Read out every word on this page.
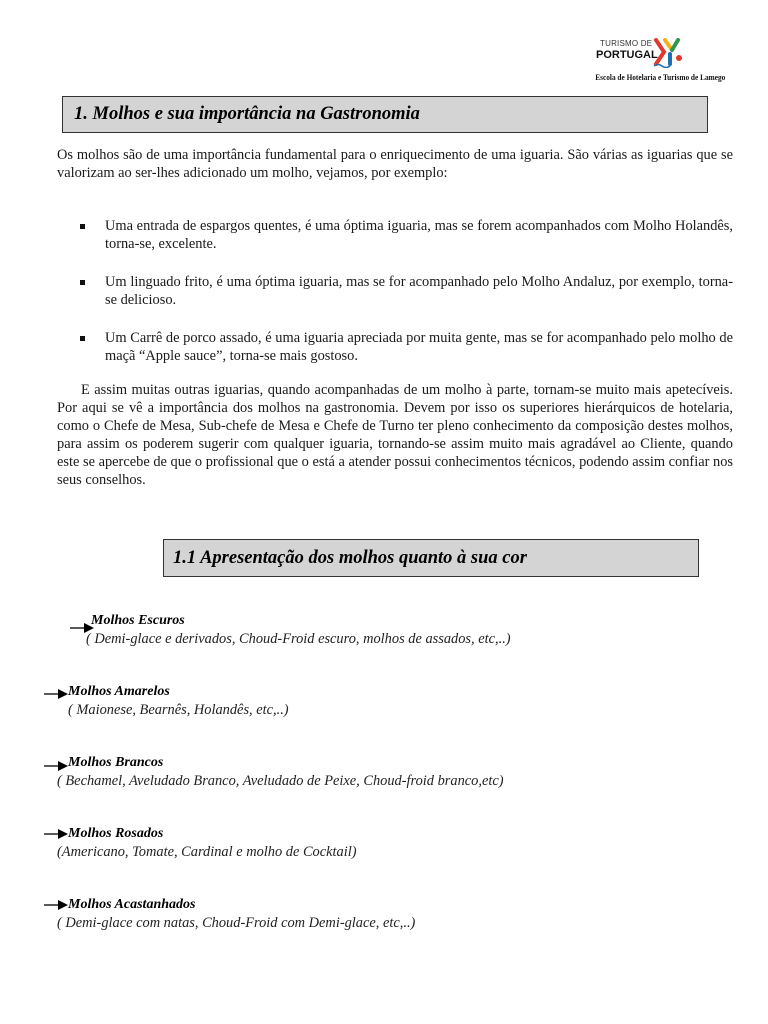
TURISMO DE
PORTUGAL
Escola de Hotelaria e Turismo de Lamego
1. Molhos e sua importância na Gastronomia
Os molhos são de uma importância fundamental para o enriquecimento de uma iguaria. São várias as iguarias que se valorizam ao ser-lhes adicionado um molho, vejamos, por exemplo:
Uma entrada de espargos quentes, é uma óptima iguaria, mas se forem acompanhados com Molho Holandês, torna-se, excelente.
Um linguado frito, é uma óptima iguaria, mas se for acompanhado pelo Molho Andaluz, por exemplo, torna-se delicioso.
Um Carrê de porco assado, é uma iguaria apreciada por muita gente, mas se for acompanhado pelo molho de maçã “Apple sauce”, torna-se mais gostoso.
E assim muitas outras iguarias, quando acompanhadas de um molho à parte, tornam-se muito mais apetecíveis. Por aqui se vê a importância dos molhos na gastronomia. Devem por isso os superiores hierárquicos de hotelaria, como o Chefe de Mesa, Sub-chefe de Mesa e Chefe de Turno ter pleno conhecimento da composição destes molhos, para assim os poderem sugerir com qualquer iguaria, tornando-se assim muito mais agradável ao Cliente, quando este se apercebe de que o profissional que o está a atender possui conhecimentos técnicos, podendo assim confiar nos seus conselhos.
1.1 Apresentação dos molhos quanto à sua cor
Molhos Escuros
( Demi-glace e derivados, Choud-Froid escuro, molhos de assados, etc,..)
Molhos Amarelos
( Maionese, Bearnês, Holandês, etc,..)
Molhos Brancos
( Bechamel, Aveludado Branco, Aveludado de Peixe, Choud-froid branco,etc)
Molhos Rosados
(Americano, Tomate, Cardinal e molho de Cocktail)
Molhos Acastanhados
( Demi-glace com natas, Choud-Froid com Demi-glace, etc,..)
